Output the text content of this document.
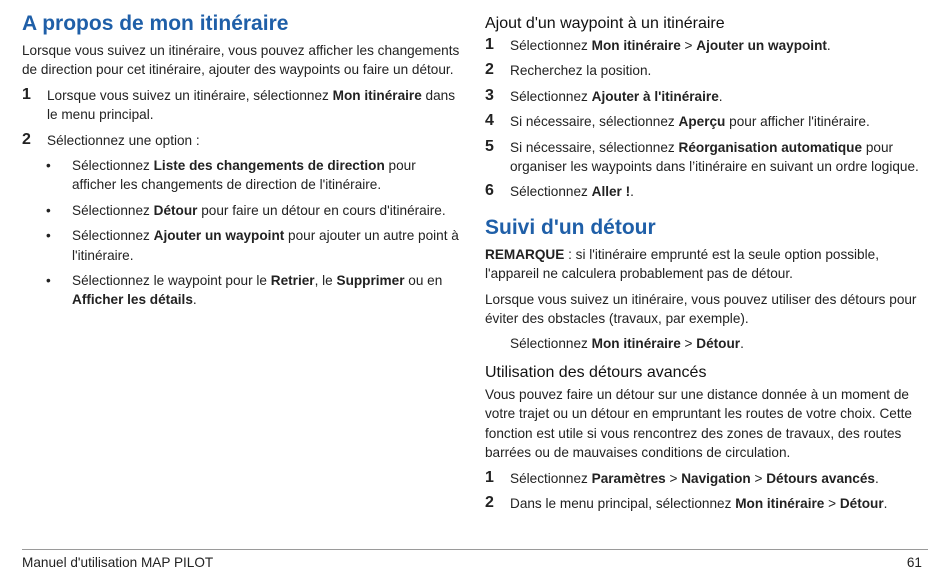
A propos de mon itinéraire

Lorsque vous suivez un itinéraire, vous pouvez afficher les changements de direction pour cet itinéraire, ajouter des waypoints ou faire un détour.

1 Lorsque vous suivez un itinéraire, sélectionnez Mon itinéraire dans le menu principal.
2 Sélectionnez une option :
• Sélectionnez Liste des changements de direction pour afficher les changements de direction de l'itinéraire.
• Sélectionnez Détour pour faire un détour en cours d'itinéraire.
• Sélectionnez Ajouter un waypoint pour ajouter un autre point à l'itinéraire.
• Sélectionnez le waypoint pour le Retrier, le Supprimer ou en Afficher les détails.
Ajout d'un waypoint à un itinéraire
1 Sélectionnez Mon itinéraire > Ajouter un waypoint.
2 Recherchez la position.
3 Sélectionnez Ajouter à l'itinéraire.
4 Si nécessaire, sélectionnez Aperçu pour afficher l'itinéraire.
5 Si nécessaire, sélectionnez Réorganisation automatique pour organiser les waypoints dans l’itinéraire en suivant un ordre logique.
6 Sélectionnez Aller !.
Suivi d'un détour

REMARQUE : si l'itinéraire emprunté est la seule option possible, l'appareil ne calculera probablement pas de détour.

Lorsque vous suivez un itinéraire, vous pouvez utiliser des détours pour éviter des obstacles (travaux, par exemple).

Sélectionnez Mon itinéraire > Détour.

Utilisation des détours avancés

Vous pouvez faire un détour sur une distance donnée à un moment de votre trajet ou un détour en empruntant les routes de votre choix. Cette fonction est utile si vous rencontrez des zones de travaux, des routes barrées ou de mauvaises conditions de circulation.

1 Sélectionnez Paramètres > Navigation > Détours avancés.
2 Dans le menu principal, sélectionnez Mon itinéraire > Détour.
Manuel d'utilisation MAP PILOT	61
